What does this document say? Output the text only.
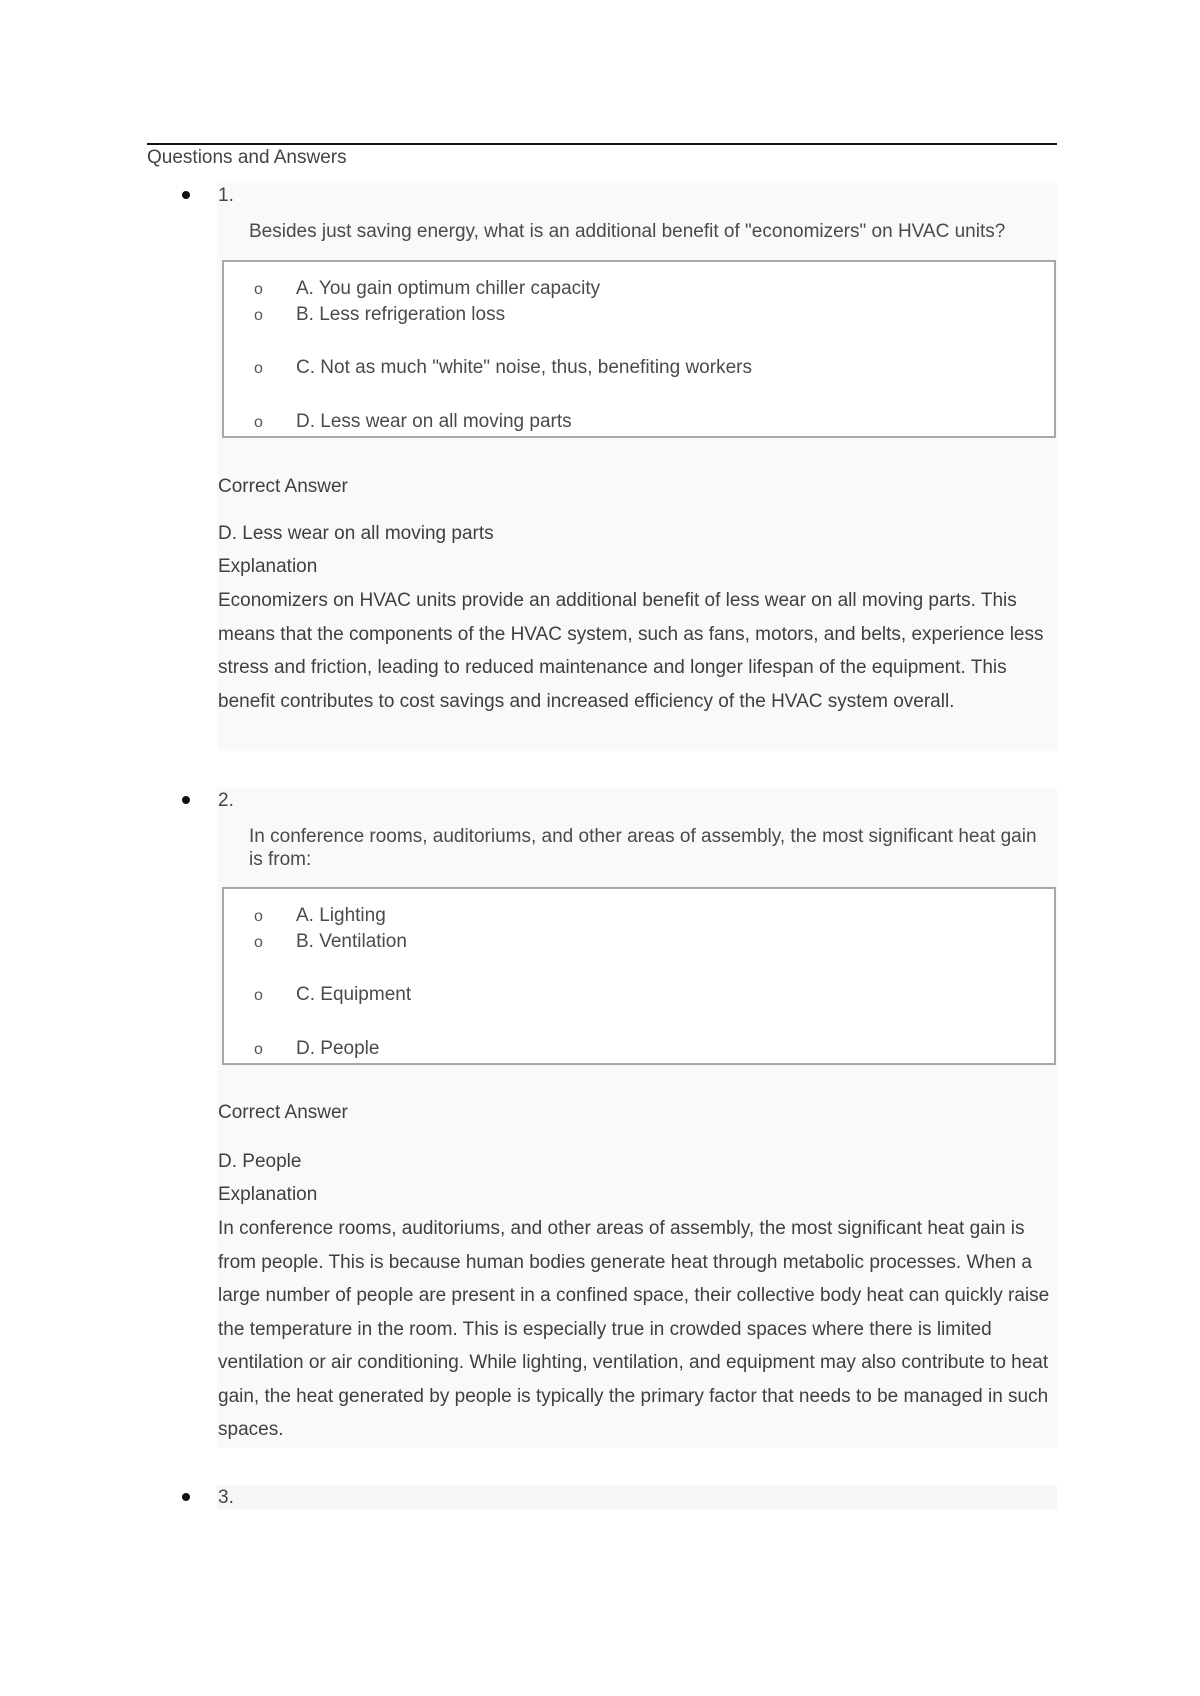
Questions and Answers
1.
Besides just saving energy, what is an additional benefit of "economizers" on HVAC units?
o A. You gain optimum chiller capacity
o B. Less refrigeration loss
o C. Not as much "white" noise, thus, benefiting workers
o D. Less wear on all moving parts
Correct Answer
D. Less wear on all moving parts
Explanation
Economizers on HVAC units provide an additional benefit of less wear on all moving parts. This means that the components of the HVAC system, such as fans, motors, and belts, experience less stress and friction, leading to reduced maintenance and longer lifespan of the equipment. This benefit contributes to cost savings and increased efficiency of the HVAC system overall.
2.
In conference rooms, auditoriums, and other areas of assembly, the most significant heat gain is from:
o A. Lighting
o B. Ventilation
o C. Equipment
o D. People
Correct Answer
D. People
Explanation
In conference rooms, auditoriums, and other areas of assembly, the most significant heat gain is from people. This is because human bodies generate heat through metabolic processes. When a large number of people are present in a confined space, their collective body heat can quickly raise the temperature in the room. This is especially true in crowded spaces where there is limited ventilation or air conditioning. While lighting, ventilation, and equipment may also contribute to heat gain, the heat generated by people is typically the primary factor that needs to be managed in such spaces.
3.
